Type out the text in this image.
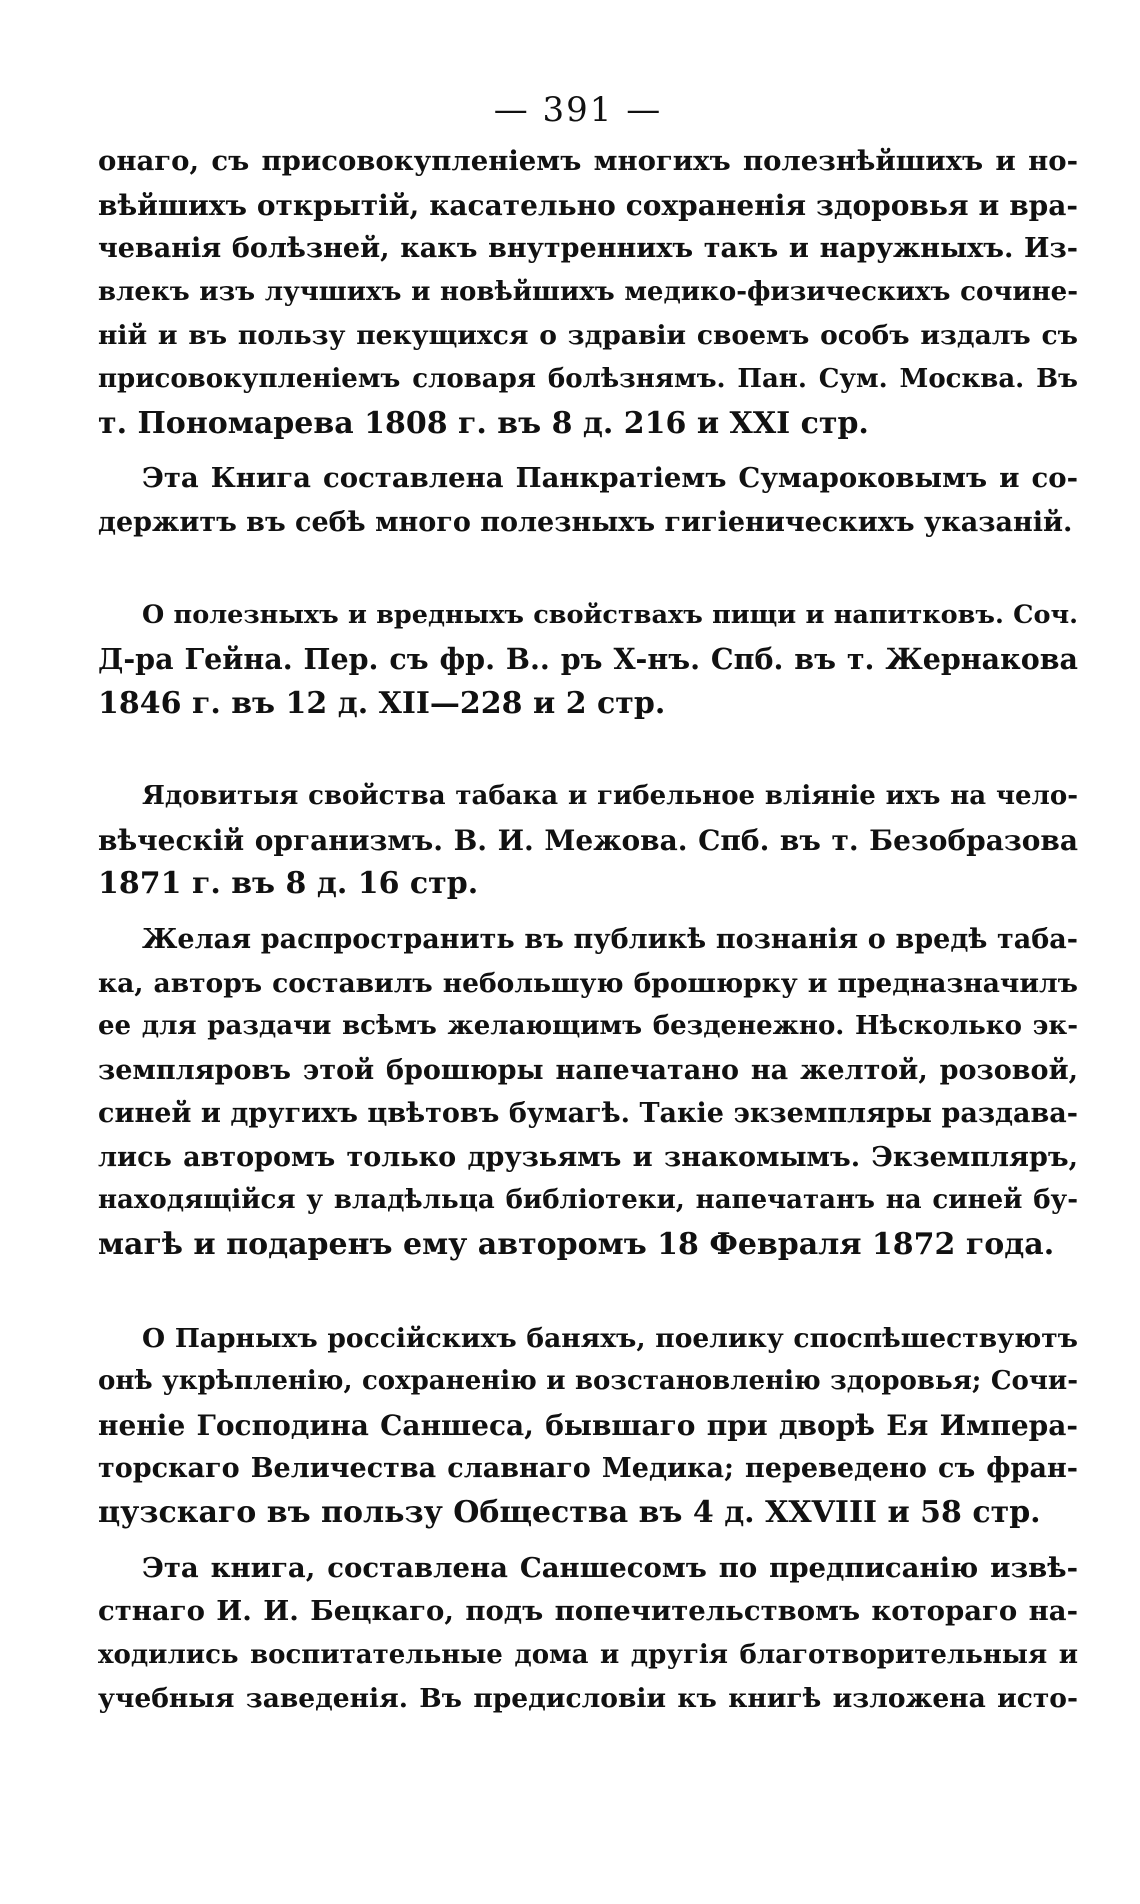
— 391 —
онаго, съ присовокупленіемъ многихъ полезнѣйшихъ и но-
вѣйшихъ открытій, касательно сохраненія здоровья и вра-
чеванія болѣзней, какъ внутреннихъ такъ и наружныхъ. Из-
влекъ изъ лучшихъ и новѣйшихъ медико-физическихъ сочине-
ній и въ пользу пекущихся о здравіи своемъ особъ издалъ съ
присовокупленіемъ словаря болѣзнямъ. Пан. Сум. Москва. Въ
т. Пономарева 1808 г. въ 8 д. 216 и XXI стр.
Эта Книга составлена Панкратіемъ Сумароковымъ и со-
держитъ въ себѣ много полезныхъ гигіеническихъ указаній.
О полезныхъ и вредныхъ свойствахъ пищи и напитковъ. Соч.
Д-ра Гейна. Пер. съ фр. В.. ръ Х-нъ. Спб. въ т. Жернакова
1846 г. въ 12 д. XII—228 и 2 стр.
Ядовитыя свойства табака и гибельное вліяніе ихъ на чело-
вѣческій организмъ. В. И. Межова. Спб. въ т. Безобразова
1871 г. въ 8 д. 16 стр.
Желая распространить въ публикѣ познанія о вредѣ таба-
ка, авторъ составилъ небольшую брошюрку и предназначилъ
ее для раздачи всѣмъ желающимъ безденежно. Нѣсколько эк-
земпляровъ этой брошюры напечатано на желтой, розовой,
синей и другихъ цвѣтовъ бумагѣ. Такіе экземпляры раздава-
лись авторомъ только друзьямъ и знакомымъ. Экземпляръ,
находящійся у владѣльца библіотеки, напечатанъ на синей бу-
магѣ и подаренъ ему авторомъ 18 Февраля 1872 года.
О Парныхъ россійскихъ баняхъ, поелику споспѣшествуютъ
онѣ укрѣпленію, сохраненію и возстановленію здоровья; Сочи-
неніе Господина Саншеса, бывшаго при дворѣ Ея Импера-
торскаго Величества славнаго Медика; переведено съ фран-
цузскаго въ пользу Общества въ 4 д. XXVIII и 58 стр.
Эта книга, составлена Саншесомъ по предписанію извѣ-
стнаго И. И. Бецкаго, подъ попечительствомъ котораго на-
ходились воспитательные дома и другія благотворительныя и
учебныя заведенія. Въ предисловіи къ книгѣ изложена исто-
